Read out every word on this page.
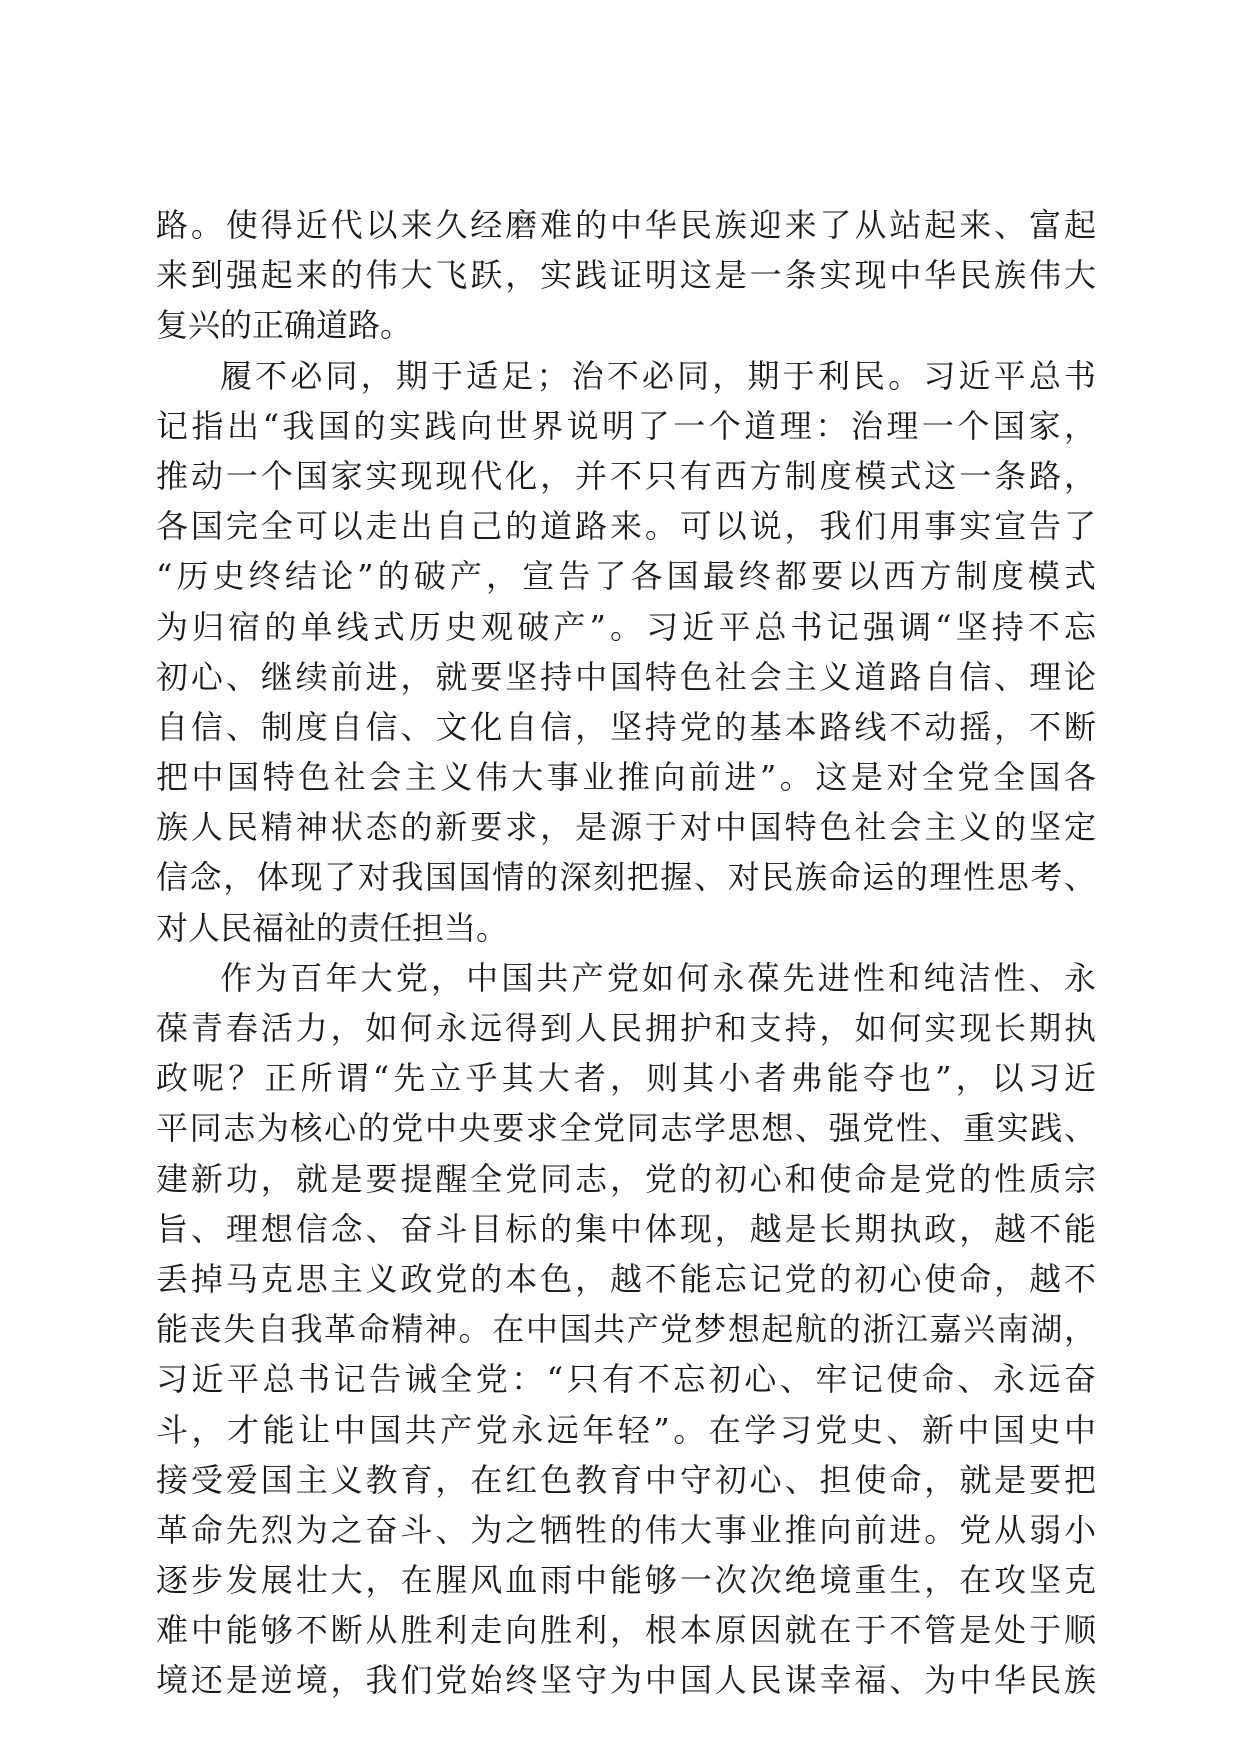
路。使得近代以来久经磨难的中华民族迎来了从站起来、富起
来到强起来的伟大飞跃，实践证明这是一条实现中华民族伟大
复兴的正确道路。
履不必同，期于适足；治不必同，期于利民。习近平总书
记指出“我国的实践向世界说明了一个道理：治理一个国家，
推动一个国家实现现代化，并不只有西方制度模式这一条路，
各国完全可以走出自己的道路来。可以说，我们用事实宣告了
“历史终结论”的破产，宣告了各国最终都要以西方制度模式
为归宿的单线式历史观破产”。习近平总书记强调“坚持不忘
初心、继续前进，就要坚持中国特色社会主义道路自信、理论
自信、制度自信、文化自信，坚持党的基本路线不动摇，不断
把中国特色社会主义伟大事业推向前进”。这是对全党全国各
族人民精神状态的新要求，是源于对中国特色社会主义的坚定
信念，体现了对我国国情的深刻把握、对民族命运的理性思考、
对人民福祉的责任担当。
作为百年大党，中国共产党如何永葆先进性和纯洁性、永
葆青春活力，如何永远得到人民拥护和支持，如何实现长期执
政呢？正所谓“先立乎其大者，则其小者弗能夺也”，以习近
平同志为核心的党中央要求全党同志学思想、强党性、重实践、
建新功，就是要提醒全党同志，党的初心和使命是党的性质宗
旨、理想信念、奋斗目标的集中体现，越是长期执政，越不能
丢掉马克思主义政党的本色，越不能忘记党的初心使命，越不
能丧失自我革命精神。在中国共产党梦想起航的浙江嘉兴南湖，
习近平总书记告诫全党：“只有不忘初心、牢记使命、永远奋
斗，才能让中国共产党永远年轻”。在学习党史、新中国史中
接受爱国主义教育，在红色教育中守初心、担使命，就是要把
革命先烈为之奋斗、为之牺牲的伟大事业推向前进。党从弱小
逐步发展壮大，在腥风血雨中能够一次次绝境重生，在攻坚克
难中能够不断从胜利走向胜利，根本原因就在于不管是处于顺
境还是逆境，我们党始终坚守为中国人民谋幸福、为中华民族
